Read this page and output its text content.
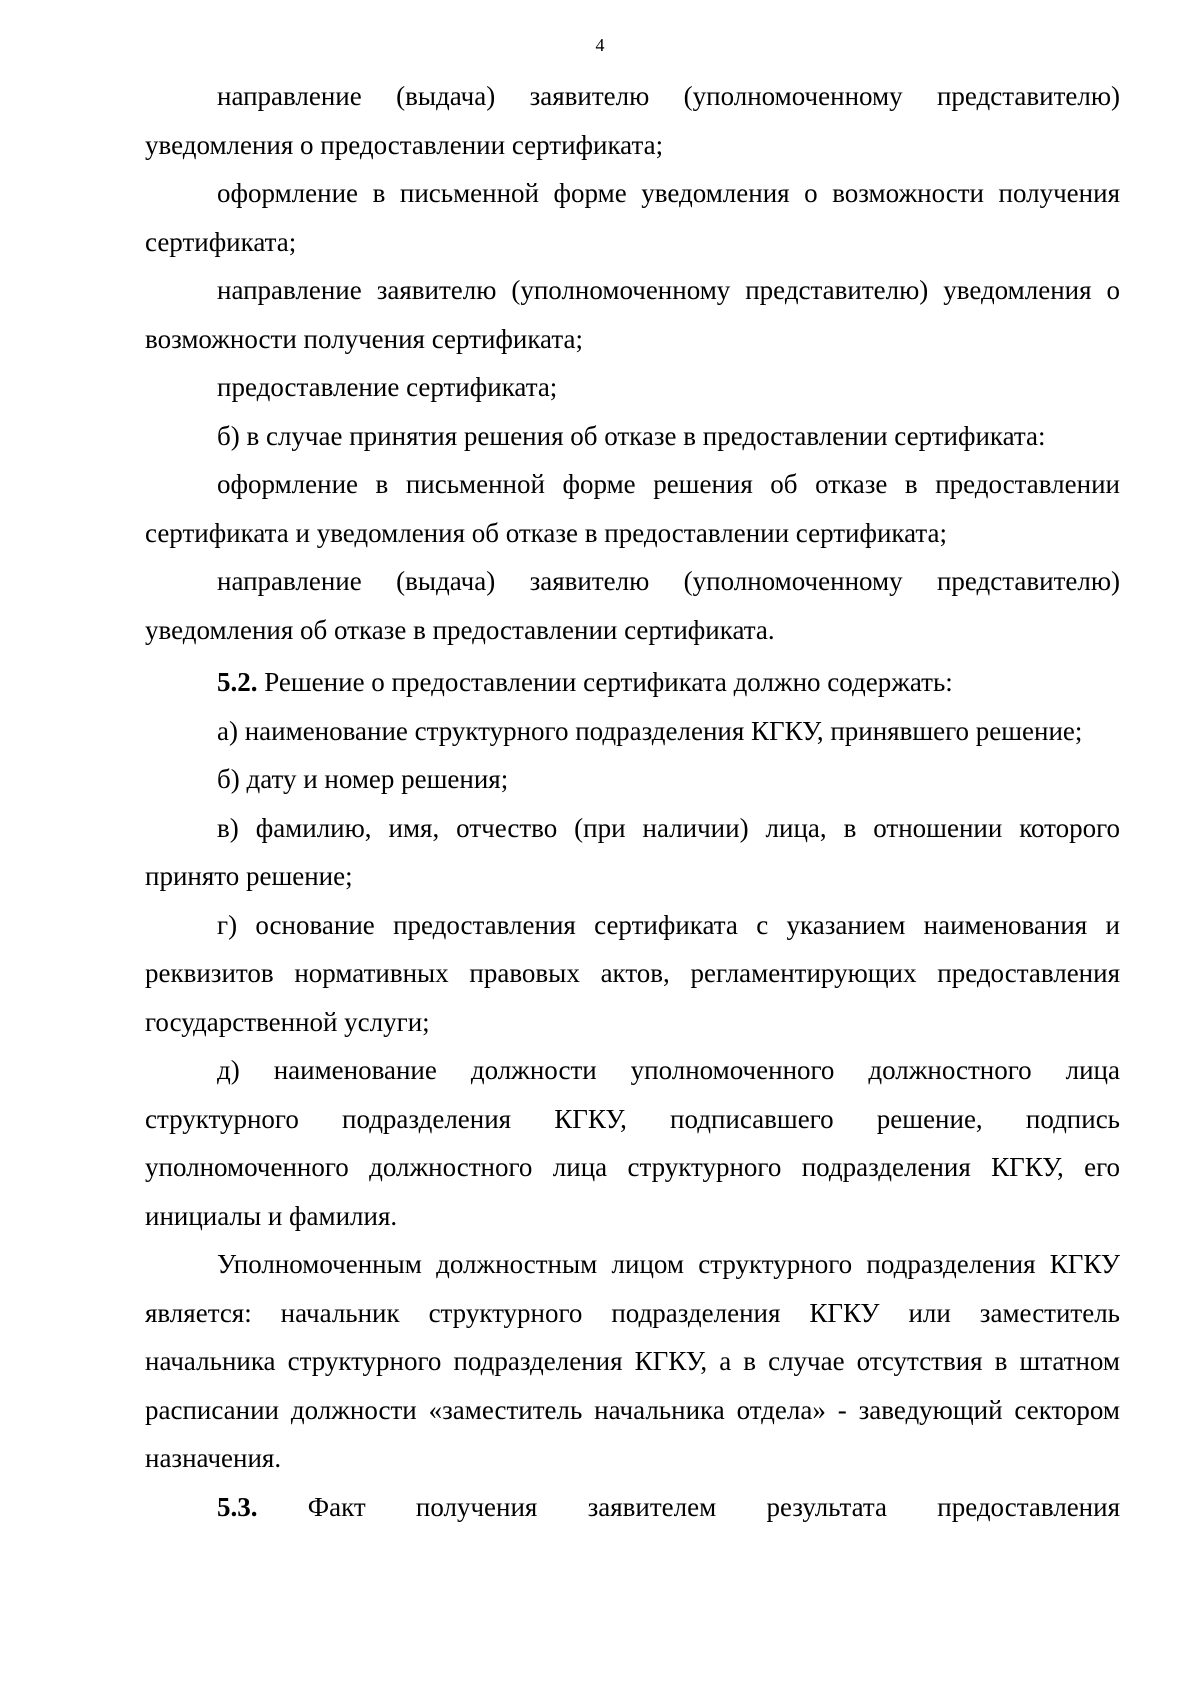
4

направление (выдача) заявителю (уполномоченному представителю) уведомления о предоставлении сертификата;

оформление в письменной форме уведомления о возможности получения сертификата;

направление заявителю (уполномоченному представителю) уведомления о возможности получения сертификата;

предоставление сертификата;

б) в случае принятия решения об отказе в предоставлении сертификата:

оформление в письменной форме решения об отказе в предоставлении сертификата и уведомления об отказе в предоставлении сертификата;

направление (выдача) заявителю (уполномоченному представителю) уведомления об отказе в предоставлении сертификата.

5.2. Решение о предоставлении сертификата должно содержать:

а) наименование структурного подразделения КГКУ, принявшего решение;

б) дату и номер решения;

в) фамилию, имя, отчество (при наличии) лица, в отношении которого принято решение;

г) основание предоставления сертификата с указанием наименования и реквизитов нормативных правовых актов, регламентирующих предоставления государственной услуги;

д) наименование должности уполномоченного должностного лица структурного подразделения КГКУ, подписавшего решение, подпись уполномоченного должностного лица структурного подразделения КГКУ, его инициалы и фамилия.

Уполномоченным должностным лицом структурного подразделения КГКУ является: начальник структурного подразделения КГКУ или заместитель начальника структурного подразделения КГКУ, а в случае отсутствия в штатном расписании должности «заместитель начальника отдела» - заведующий сектором назначения.

5.3. Факт получения заявителем результата предоставления
